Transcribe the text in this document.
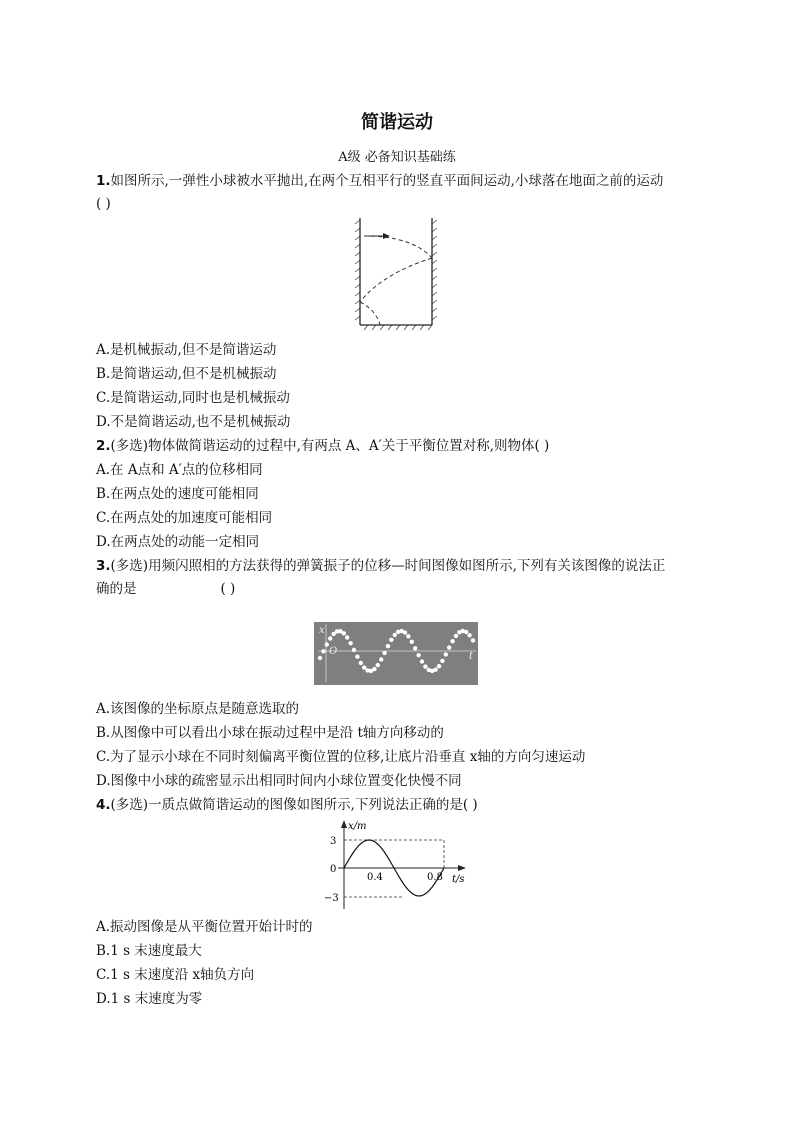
简谐运动
A级 必备知识基础练
1.如图所示,一弹性小球被水平抛出,在两个互相平行的竖直平面间运动,小球落在地面之前的运动
( )
A.是机械振动,但不是简谐运动
B.是简谐运动,但不是机械振动
C.是简谐运动,同时也是机械振动
D.不是简谐运动,也不是机械振动
2.(多选)物体做简谐运动的过程中,有两点 A、A′关于平衡位置对称,则物体( )
A.在 A点和 A′点的位移相同
B.在两点处的速度可能相同
C.在两点处的加速度可能相同
D.在两点处的动能一定相同
3.(多选)用频闪照相的方法获得的弹簧振子的位移—时间图像如图所示,下列有关该图像的说法正
确的是	( )
x
O	t
A.该图像的坐标原点是随意选取的
B.从图像中可以看出小球在振动过程中是沿 t轴方向移动的
C.为了显示小球在不同时刻偏离平衡位置的位移,让底片沿垂直 x轴的方向匀速运动
D.图像中小球的疏密显示出相同时间内小球位置变化快慢不同
4.(多选)一质点做简谐运动的图像如图所示,下列说法正确的是( )
3
0
−3
0.4	0.8
x/m
t/s
A.振动图像是从平衡位置开始计时的
B.1 s 末速度最大
C.1 s 末速度沿 x轴负方向
D.1 s 末速度为零
